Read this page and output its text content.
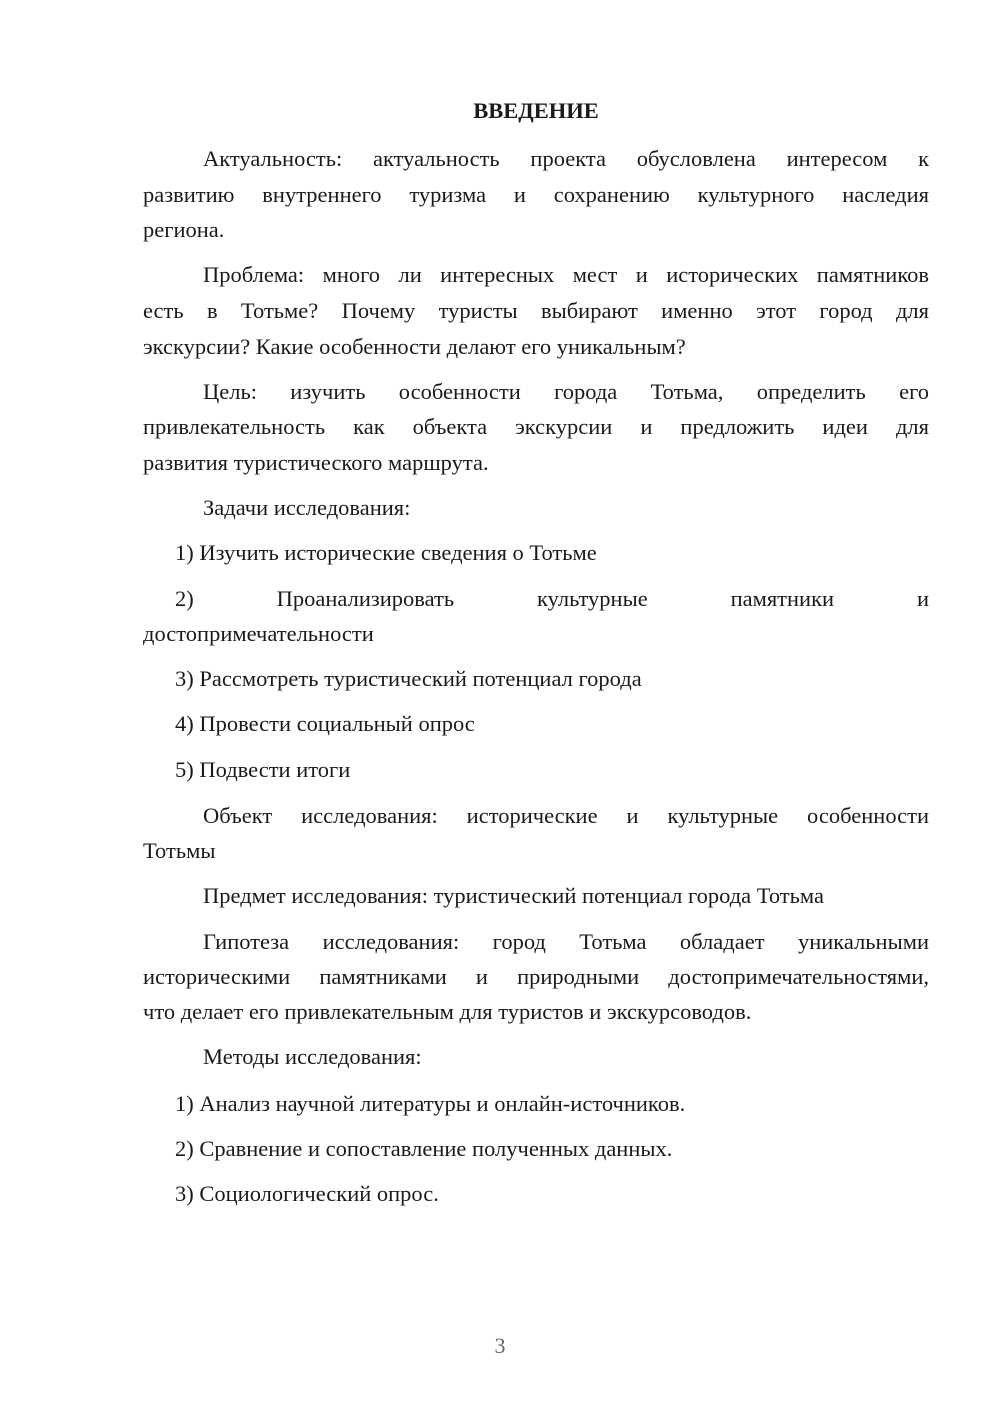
ВВЕДЕНИЕ

Актуальность: актуальность проекта обусловлена интересом к

развитию внутреннего туризма и сохранению культурного наследия

региона.

Проблема: много ли интересных мест и исторических памятников

есть в Тотьме? Почему туристы выбирают именно этот город для

экскурсии? Какие особенности делают его уникальным?

Цель: изучить особенности города Тотьма, определить его

привлекательность как объекта экскурсии и предложить идеи для

развития туристического маршрута.

Задачи исследования:

1) Изучить исторические сведения о Тотьме

2) Проанализировать культурные памятники и

достопримечательности

3) Рассмотреть туристический потенциал города

4) Провести социальный опрос

5) Подвести итоги

Объект исследования: исторические и культурные особенности

Тотьмы

Предмет исследования: туристический потенциал города Тотьма

Гипотеза исследования: город Тотьма обладает уникальными

историческими памятниками и природными достопримечательностями,

что делает его привлекательным для туристов и экскурсоводов.

Методы исследования:

1) Анализ научной литературы и онлайн-источников.

2) Сравнение и сопоставление полученных данных.

3) Социологический опрос.

3
